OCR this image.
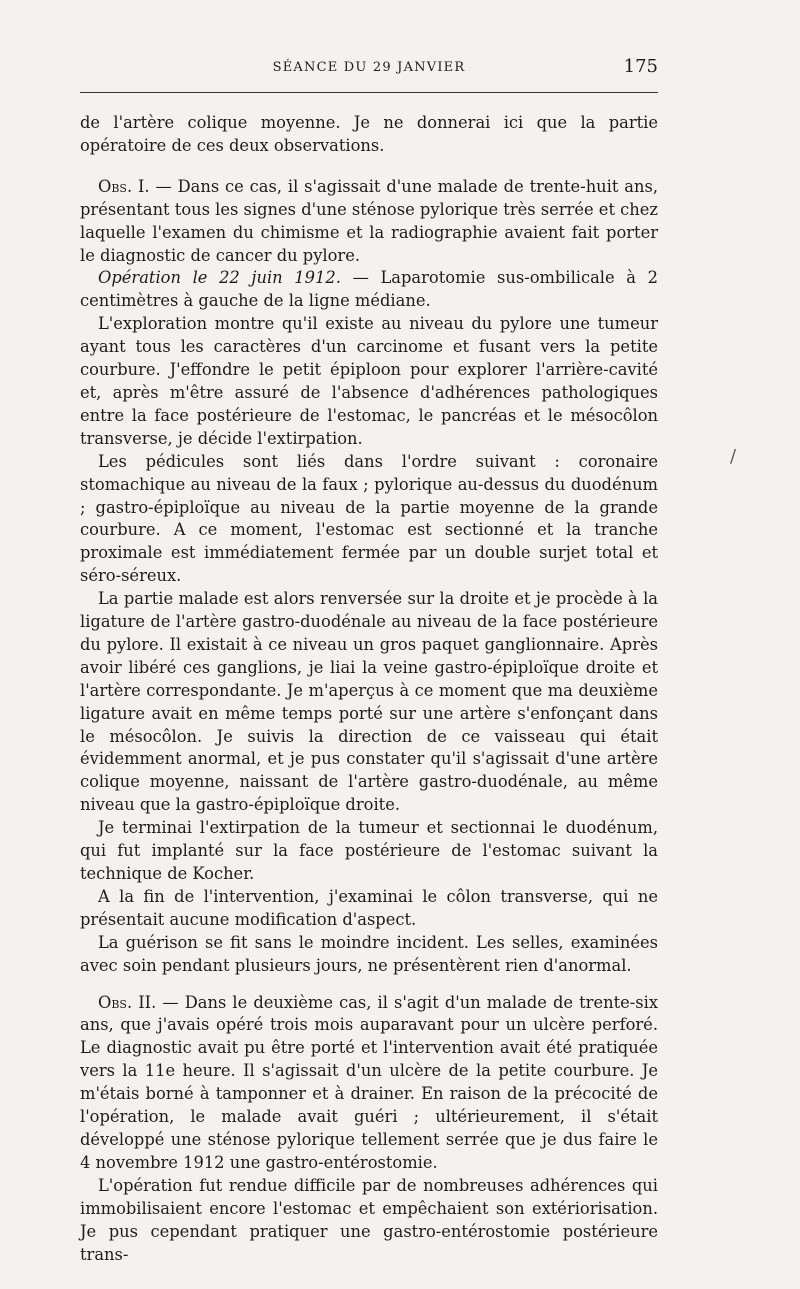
SÉANCE DU 29 JANVIER	175

de l'artère colique moyenne. Je ne donnerai ici que la partie opératoire de ces deux observations.

Obs. I. — Dans ce cas, il s'agissait d'une malade de trente-huit ans, présentant tous les signes d'une sténose pylorique très serrée et chez laquelle l'examen du chimisme et la radiographie avaient fait porter le diagnostic de cancer du pylore.

Opération le 22 juin 1912. — Laparotomie sus-ombilicale à 2 centimètres à gauche de la ligne médiane.

L'exploration montre qu'il existe au niveau du pylore une tumeur ayant tous les caractères d'un carcinome et fusant vers la petite courbure. J'effondre le petit épiploon pour explorer l'arrière-cavité et, après m'être assuré de l'absence d'adhérences pathologiques entre la face postérieure de l'estomac, le pancréas et le mésocôlon transverse, je décide l'extirpation.

Les pédicules sont liés dans l'ordre suivant : coronaire stomachique au niveau de la faux ; pylorique au-dessus du duodénum ; gastro-épiploïque au niveau de la partie moyenne de la grande courbure. A ce moment, l'estomac est sectionné et la tranche proximale est immédiatement fermée par un double surjet total et séro-séreux.

La partie malade est alors renversée sur la droite et je procède à la ligature de l'artère gastro-duodénale au niveau de la face postérieure du pylore. Il existait à ce niveau un gros paquet ganglionnaire. Après avoir libéré ces ganglions, je liai la veine gastro-épiploïque droite et l'artère correspondante. Je m'aperçus à ce moment que ma deuxième ligature avait en même temps porté sur une artère s'enfonçant dans le mésocôlon. Je suivis la direction de ce vaisseau qui était évidemment anormal, et je pus constater qu'il s'agissait d'une artère colique moyenne, naissant de l'artère gastro-duodénale, au même niveau que la gastro-épiploïque droite.

Je terminai l'extirpation de la tumeur et sectionnai le duodénum, qui fut implanté sur la face postérieure de l'estomac suivant la technique de Kocher.

A la fin de l'intervention, j'examinai le côlon transverse, qui ne présentait aucune modification d'aspect.

La guérison se fit sans le moindre incident. Les selles, examinées avec soin pendant plusieurs jours, ne présentèrent rien d'anormal.

Obs. II. — Dans le deuxième cas, il s'agit d'un malade de trente-six ans, que j'avais opéré trois mois auparavant pour un ulcère perforé. Le diagnostic avait pu être porté et l'intervention avait été pratiquée vers la 11e heure. Il s'agissait d'un ulcère de la petite courbure. Je m'étais borné à tamponner et à drainer. En raison de la précocité de l'opération, le malade avait guéri ; ultérieurement, il s'était développé une sténose pylorique tellement serrée que je dus faire le 4 novembre 1912 une gastro-entérostomie.

L'opération fut rendue difficile par de nombreuses adhérences qui immobilisaient encore l'estomac et empêchaient son extériorisation. Je pus cependant pratiquer une gastro-entérostomie postérieure trans-

/
